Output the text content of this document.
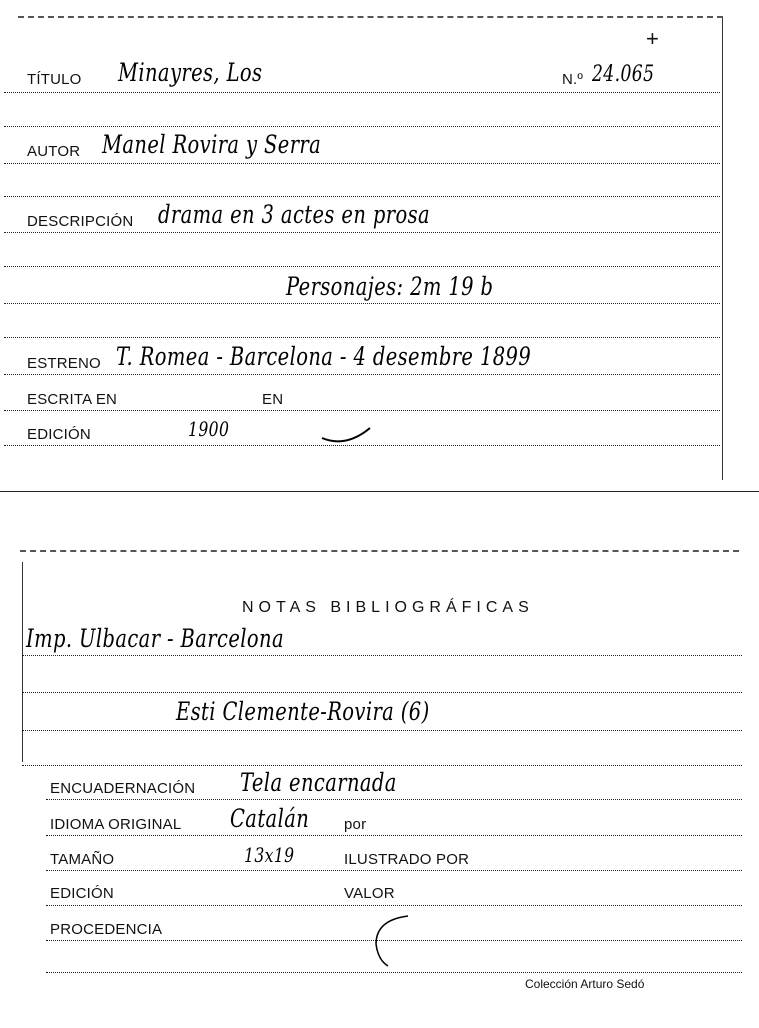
+
TÍTULO Minayres, Los	N.º 24.065
AUTOR Manel Rovira y Serra
DESCRIPCIÓN drama en 3 actes en prosa
Personajes: 2m 19 b
ESTRENO T. Romea - Barcelona - 4 desembre 1899
ESCRITA EN	EN
EDICIÓN	1900
NOTAS BIBLIOGRÁFICAS
Imp. Ulbacar - Barcelona
Esti Clemente-Rovira (6)
ENCUADERNACIÓN Tela encarnada
IDIOMA ORIGINAL Catalán por
TAMAÑO	13x19	ILUSTRADO POR
EDICIÓN	VALOR
PROCEDENCIA
Colección Arturo Sedó
